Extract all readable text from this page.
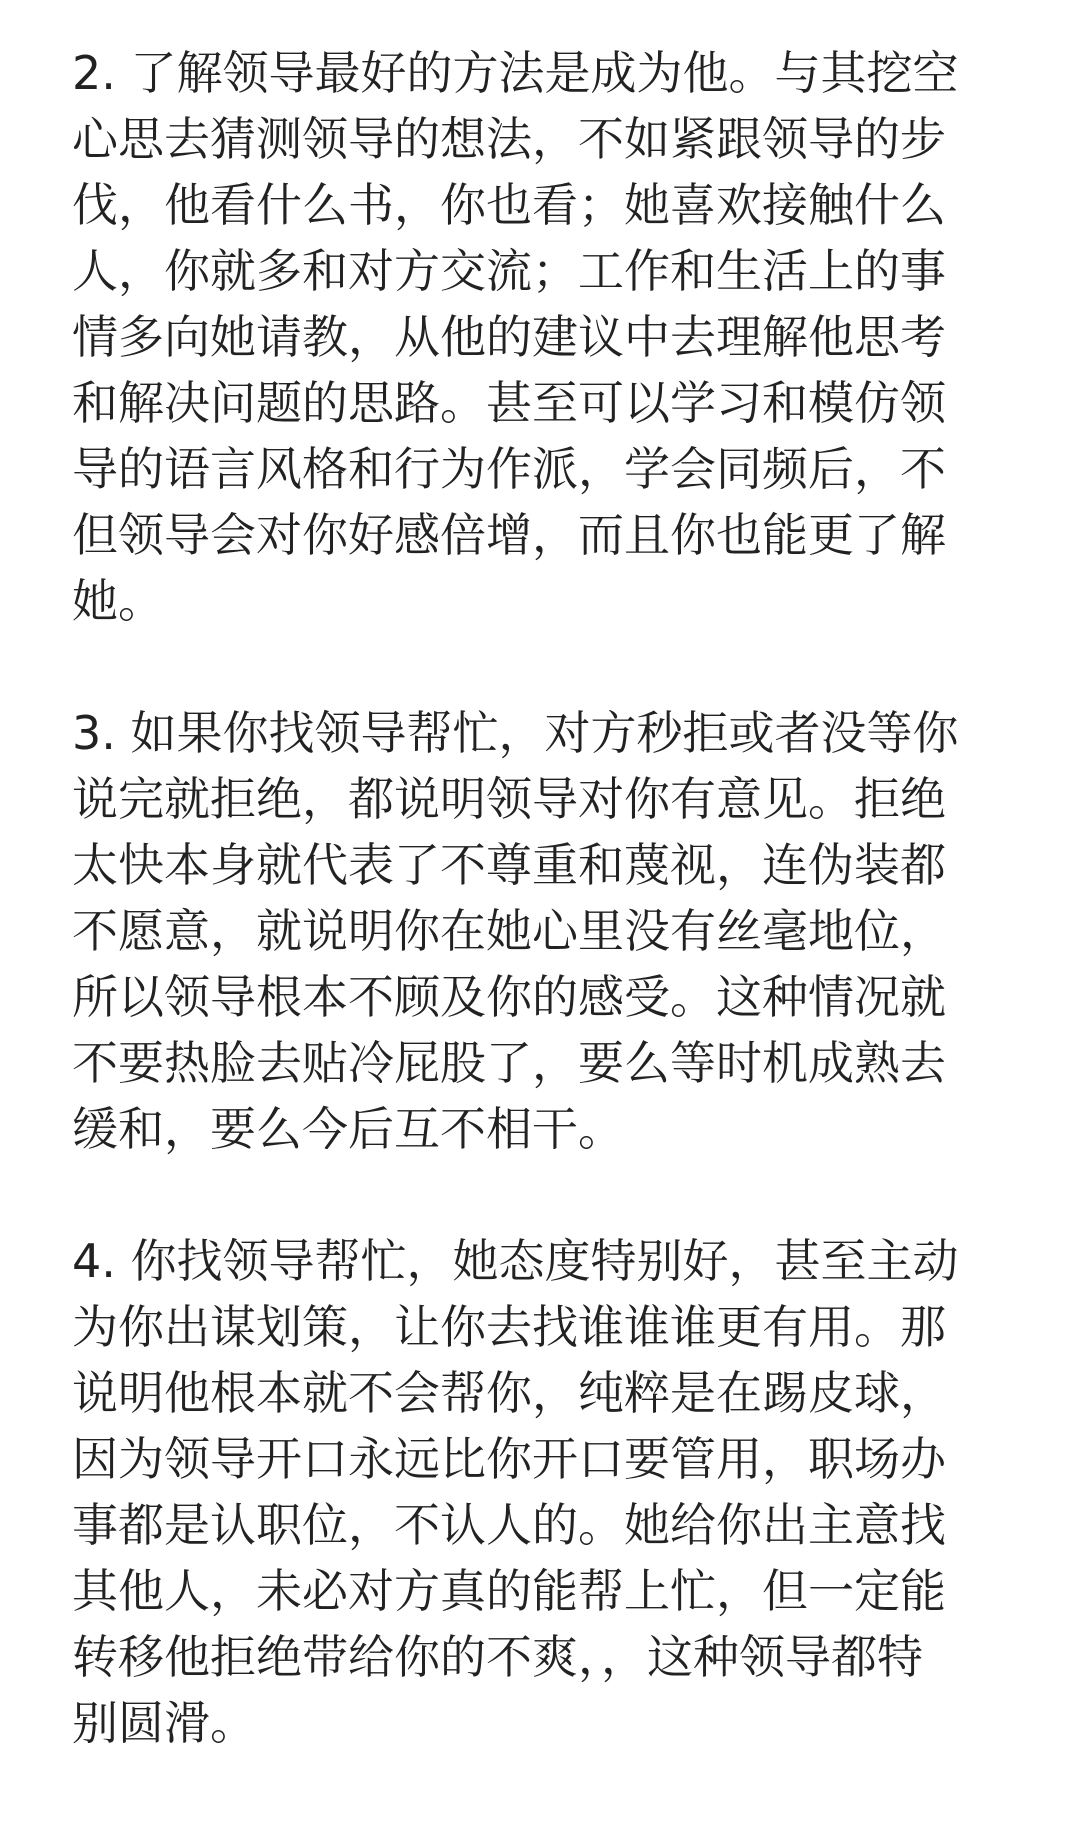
2. 了解领导最好的方法是成为他。与其挖空
心思去猜测领导的想法，不如紧跟领导的步
伐，他看什么书，你也看；她喜欢接触什么
人，你就多和对方交流；工作和生活上的事
情多向她请教，从他的建议中去理解他思考
和解决问题的思路。甚至可以学习和模仿领
导的语言风格和行为作派，学会同频后，不
但领导会对你好感倍增，而且你也能更了解
她。

3. 如果你找领导帮忙，对方秒拒或者没等你
说完就拒绝，都说明领导对你有意见。拒绝
太快本身就代表了不尊重和蔑视，连伪装都
不愿意，就说明你在她心里没有丝毫地位，
所以领导根本不顾及你的感受。这种情况就
不要热脸去贴冷屁股了，要么等时机成熟去
缓和，要么今后互不相干。

4. 你找领导帮忙，她态度特别好，甚至主动
为你出谋划策，让你去找谁谁谁更有用。那
说明他根本就不会帮你，纯粹是在踢皮球，
因为领导开口永远比你开口要管用，职场办
事都是认职位，不认人的。她给你出主意找
其他人，未必对方真的能帮上忙，但一定能
转移他拒绝带给你的不爽，，这种领导都特
别圆滑。
